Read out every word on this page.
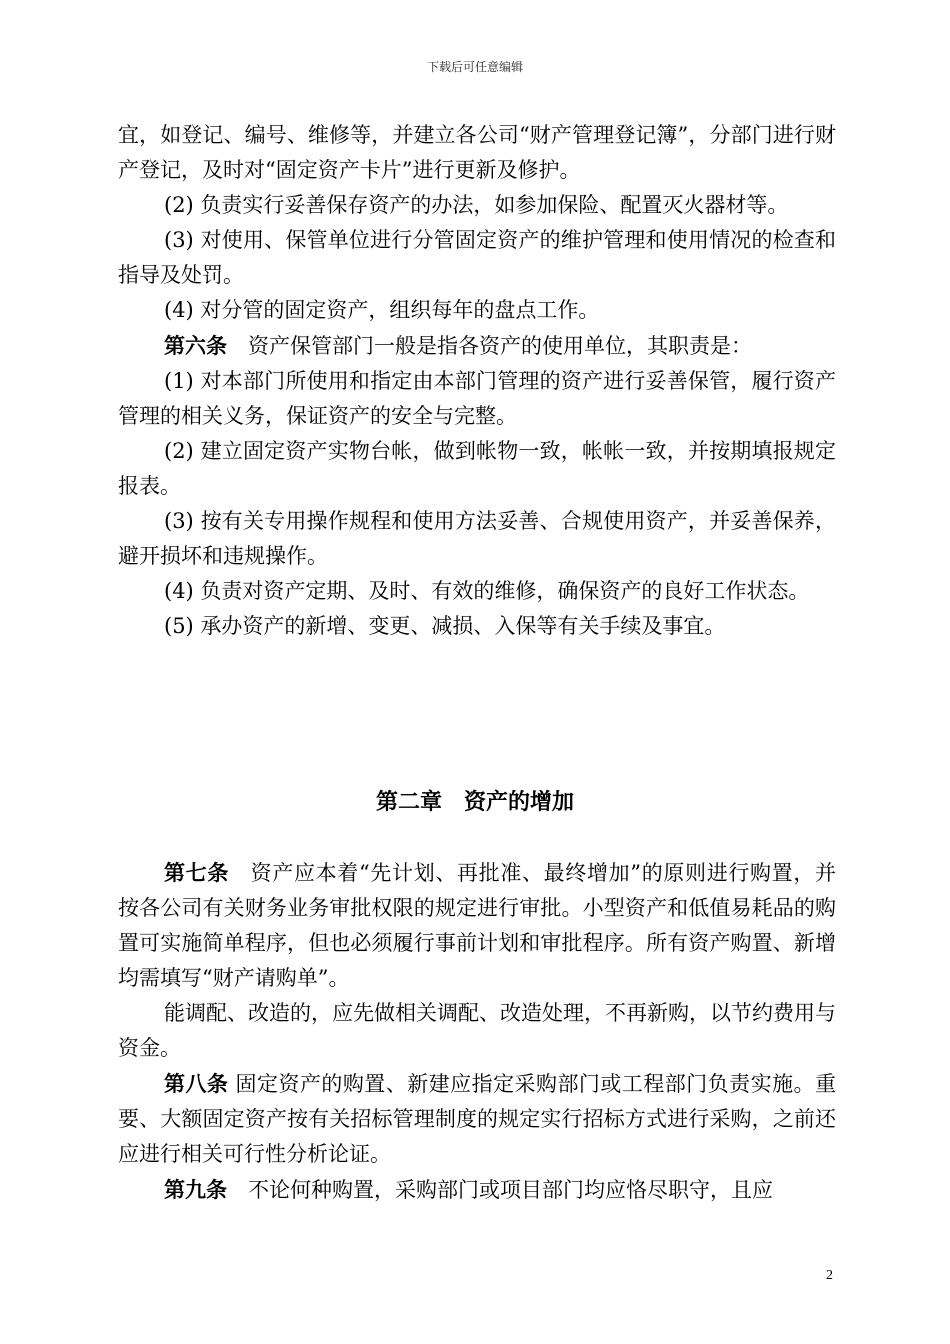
下载后可任意编辑

宜，如登记、编号、维修等，并建立各公司“财产管理登记簿”，分部门进行财产登记，及时对“固定资产卡片”进行更新及修护。

(2) 负责实行妥善保存资产的办法，如参加保险、配置灭火器材等。

(3) 对使用、保管单位进行分管固定资产的维护管理和使用情况的检查和指导及处罚。

(4) 对分管的固定资产，组织每年的盘点工作。

第六条　资产保管部门一般是指各资产的使用单位，其职责是：

(1) 对本部门所使用和指定由本部门管理的资产进行妥善保管，履行资产管理的相关义务，保证资产的安全与完整。

(2) 建立固定资产实物台帐，做到帐物一致，帐帐一致，并按期填报规定报表。

(3) 按有关专用操作规程和使用方法妥善、合规使用资产，并妥善保养，避开损坏和违规操作。

(4) 负责对资产定期、及时、有效的维修，确保资产的良好工作状态。

(5) 承办资产的新增、变更、减损、入保等有关手续及事宜。

第二章　资产的增加

第七条　资产应本着“先计划、再批准、最终增加”的原则进行购置，并按各公司有关财务业务审批权限的规定进行审批。小型资产和低值易耗品的购置可实施简单程序，但也必须履行事前计划和审批程序。所有资产购置、新增均需填写“财产请购单”。

能调配、改造的，应先做相关调配、改造处理，不再新购，以节约费用与资金。

第八条 固定资产的购置、新建应指定采购部门或工程部门负责实施。重要、大额固定资产按有关招标管理制度的规定实行招标方式进行采购，之前还应进行相关可行性分析论证。

第九条　不论何种购置，采购部门或项目部门均应恪尽职守，且应

2
